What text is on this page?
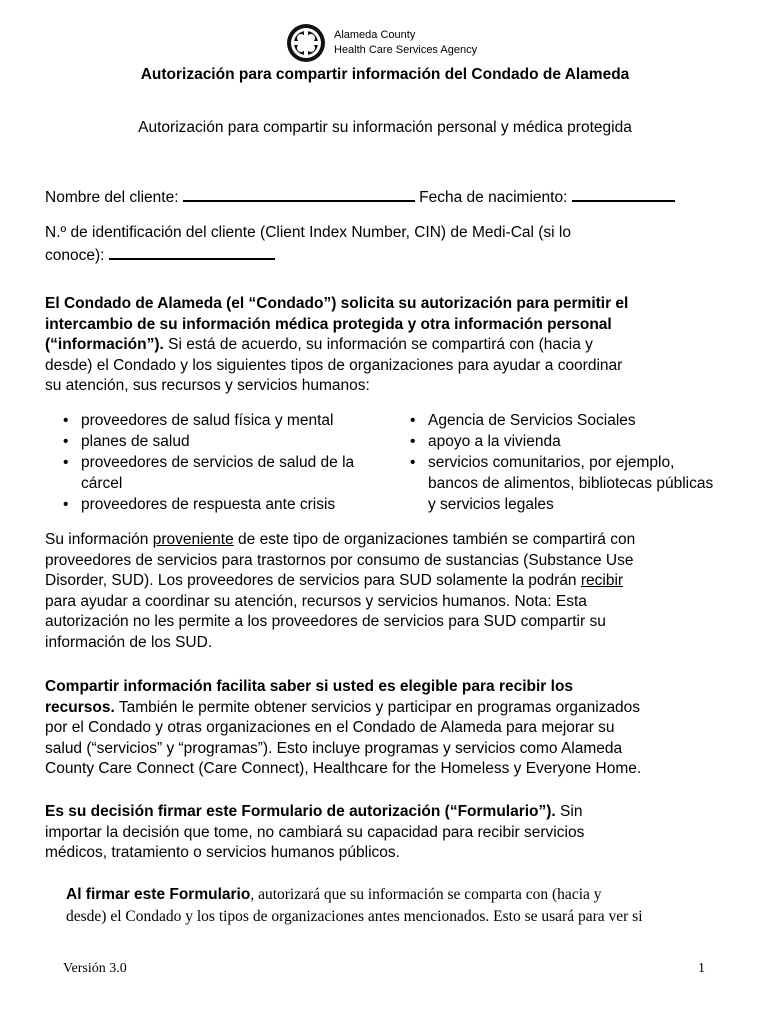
Alameda County
Health Care Services Agency
Autorización para compartir información del Condado de Alameda
Autorización para compartir su información personal y médica protegida
Nombre del cliente:	Fecha de nacimiento:
N.º de identificación del cliente (Client Index Number, CIN) de Medi-Cal (si lo
conoce):
El Condado de Alameda (el “Condado”) solicita su autorización para permitir el
intercambio de su información médica protegida y otra información personal
(“información”). Si está de acuerdo, su información se compartirá con (hacia y
desde) el Condado y los siguientes tipos de organizaciones para ayudar a coordinar
su atención, sus recursos y servicios humanos:
• proveedores de salud física y mental
• planes de salud
• proveedores de servicios de salud de la cárcel
• proveedores de respuesta ante crisis
• Agencia de Servicios Sociales
• apoyo a la vivienda
• servicios comunitarios, por ejemplo, bancos de alimentos, bibliotecas públicas y servicios legales
Su información proveniente de este tipo de organizaciones también se compartirá con
proveedores de servicios para trastornos por consumo de sustancias (Substance Use
Disorder, SUD). Los proveedores de servicios para SUD solamente la podrán recibir
para ayudar a coordinar su atención, recursos y servicios humanos. Nota: Esta
autorización no les permite a los proveedores de servicios para SUD compartir su
información de los SUD.
Compartir información facilita saber si usted es elegible para recibir los
recursos. También le permite obtener servicios y participar en programas organizados
por el Condado y otras organizaciones en el Condado de Alameda para mejorar su
salud (“servicios” y “programas”). Esto incluye programas y servicios como Alameda
County Care Connect (Care Connect), Healthcare for the Homeless y Everyone Home.
Es su decisión firmar este Formulario de autorización (“Formulario”). Sin
importar la decisión que tome, no cambiará su capacidad para recibir servicios
médicos, tratamiento o servicios humanos públicos.
Al firmar este Formulario, autorizará que su información se comparta con (hacia y
desde) el Condado y los tipos de organizaciones antes mencionados. Esto se usará para ver si
Versión 3.0	1
